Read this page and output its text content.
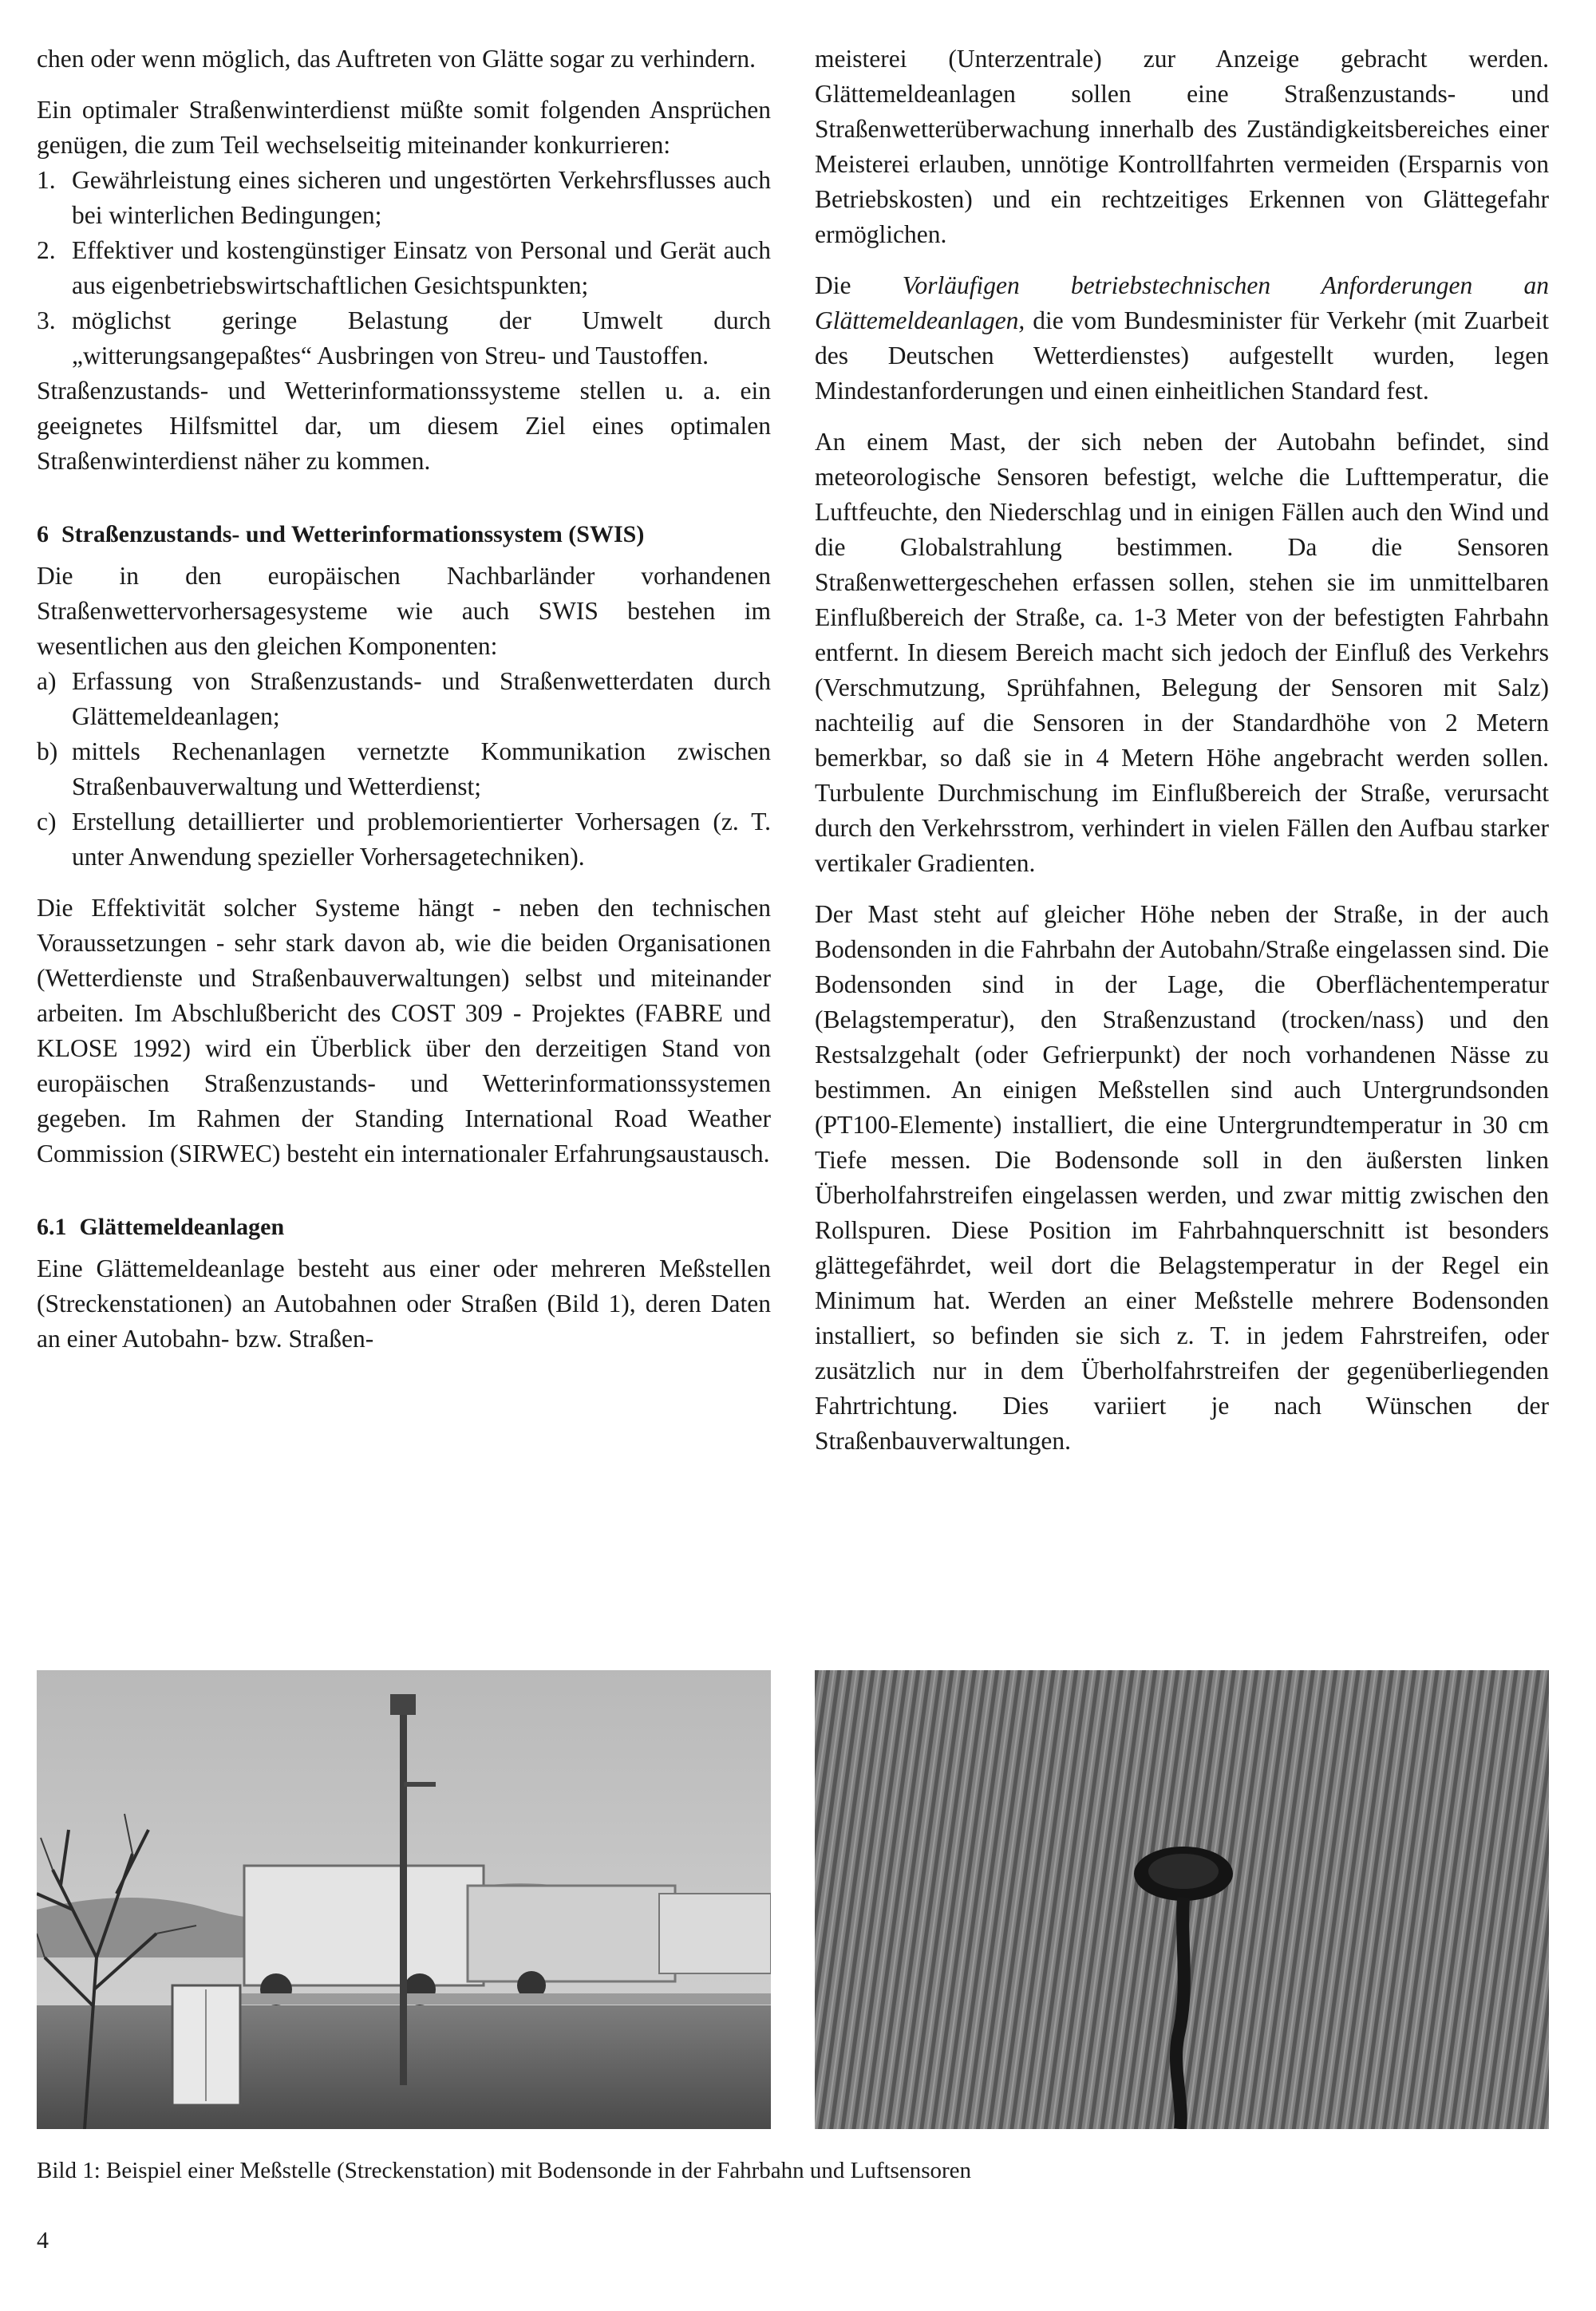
chen oder wenn möglich, das Auftreten von Glätte sogar zu verhindern.

Ein optimaler Straßenwinterdienst müßte somit folgenden Ansprüchen genügen, die zum Teil wechselseitig miteinander konkurrieren:

1. Gewährleistung eines sicheren und ungestörten Verkehrsflusses auch bei winterlichen Bedingungen;
2. Effektiver und kostengünstiger Einsatz von Personal und Gerät auch aus eigenbetriebswirtschaftlichen Gesichtspunkten;
3. möglichst geringe Belastung der Umwelt durch „witterungsangepaßtes“ Ausbringen von Streu- und Taustoffen.

Straßenzustands- und Wetterinformationssysteme stellen u. a. ein geeignetes Hilfsmittel dar, um diesem Ziel eines optimalen Straßenwinterdienst näher zu kommen.

6 Straßenzustands- und Wetterinformationssystem (SWIS)

Die in den europäischen Nachbarländer vorhandenen Straßenwettervorhersagesysteme wie auch SWIS bestehen im wesentlichen aus den gleichen Komponenten:

a) Erfassung von Straßenzustands- und Straßenwetterdaten durch Glättemeldeanlagen;
b) mittels Rechenanlagen vernetzte Kommunikation zwischen Straßenbauverwaltung und Wetterdienst;
c) Erstellung detaillierter und problemorientierter Vorhersagen (z. T. unter Anwendung spezieller Vorhersagetechniken).

Die Effektivität solcher Systeme hängt - neben den technischen Voraussetzungen - sehr stark davon ab, wie die beiden Organisationen (Wetterdienste und Straßenbauverwaltungen) selbst und miteinander arbeiten. Im Abschlußbericht des COST 309 - Projektes (FABRE und KLOSE 1992) wird ein Überblick über den derzeitigen Stand von europäischen Straßenzustands- und Wetterinformationssystemen gegeben. Im Rahmen der Standing International Road Weather Commission (SIRWEC) besteht ein internationaler Erfahrungsaustausch.

6.1 Glättemeldeanlagen

Eine Glättemeldeanlage besteht aus einer oder mehreren Meßstellen (Streckenstationen) an Autobahnen oder Straßen (Bild 1), deren Daten an einer Autobahn- bzw. Straßen-

meisterei (Unterzentrale) zur Anzeige gebracht werden. Glättemeldeanlagen sollen eine Straßenzustands- und Straßenwetterüberwachung innerhalb des Zuständigkeitsbereiches einer Meisterei erlauben, unnötige Kontrollfahrten vermeiden (Ersparnis von Betriebskosten) und ein rechtzeitiges Erkennen von Glättegefahr ermöglichen.

Die Vorläufigen betriebstechnischen Anforderungen an Glättemeldeanlagen, die vom Bundesminister für Verkehr (mit Zuarbeit des Deutschen Wetterdienstes) aufgestellt wurden, legen Mindestanforderungen und einen einheitlichen Standard fest.

An einem Mast, der sich neben der Autobahn befindet, sind meteorologische Sensoren befestigt, welche die Lufttemperatur, die Luftfeuchte, den Niederschlag und in einigen Fällen auch den Wind und die Globalstrahlung bestimmen. Da die Sensoren Straßenwettergeschehen erfassen sollen, stehen sie im unmittelbaren Einflußbereich der Straße, ca. 1-3 Meter von der befestigten Fahrbahn entfernt. In diesem Bereich macht sich jedoch der Einfluß des Verkehrs (Verschmutzung, Sprühfahnen, Belegung der Sensoren mit Salz) nachteilig auf die Sensoren in der Standardhöhe von 2 Metern bemerkbar, so daß sie in 4 Metern Höhe angebracht werden sollen. Turbulente Durchmischung im Einflußbereich der Straße, verursacht durch den Verkehrsstrom, verhindert in vielen Fällen den Aufbau starker vertikaler Gradienten.

Der Mast steht auf gleicher Höhe neben der Straße, in der auch Bodensonden in die Fahrbahn der Autobahn/Straße eingelassen sind. Die Bodensonden sind in der Lage, die Oberflächentemperatur (Belagstemperatur), den Straßenzustand (trocken/nass) und den Restsalzgehalt (oder Gefrierpunkt) der noch vorhandenen Nässe zu bestimmen. An einigen Meßstellen sind auch Untergrundsonden (PT100-Elemente) installiert, die eine Untergrundtemperatur in 30 cm Tiefe messen. Die Bodensonde soll in den äußersten linken Überholfahrstreifen eingelassen werden, und zwar mittig zwischen den Rollspuren. Diese Position im Fahrbahnquerschnitt ist besonders glättegefährdet, weil dort die Belagstemperatur in der Regel ein Minimum hat. Werden an einer Meßstelle mehrere Bodensonden installiert, so befinden sie sich z. T. in jedem Fahrstreifen, oder zusätzlich nur in dem Überholfahrstreifen der gegenüberliegenden Fahrtrichtung. Dies variiert je nach Wünschen der Straßenbauverwaltungen.

Bild 1: Beispiel einer Meßstelle (Streckenstation) mit Bodensonde in der Fahrbahn und Luftsensoren
4
